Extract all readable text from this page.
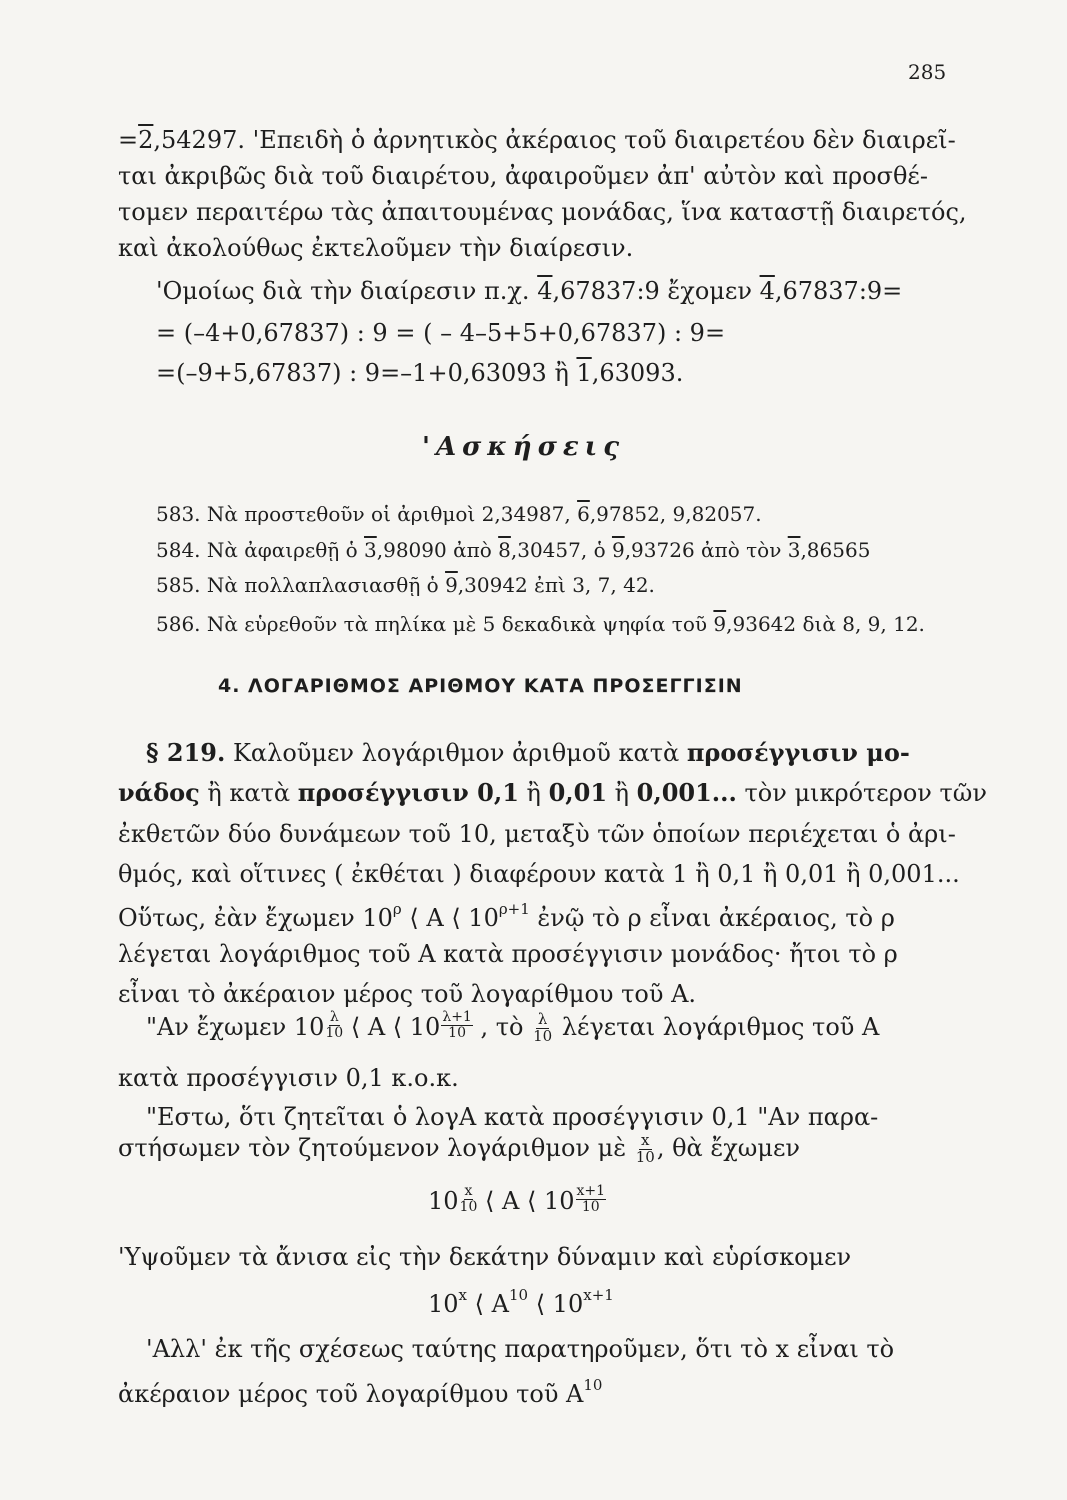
285
=2,54297. 'Επειδὴ ὁ ἀρνητικὸς ἀκέραιος τοῦ διαιρετέου δὲν διαιρεῖ-
ται ἀκριβῶς διὰ τοῦ διαιρέτου, ἀφαιροῦμεν ἀπ' αὐτὸν καὶ προσθέ-
τομεν περαιτέρω τὰς ἀπαιτουμένας μονάδας, ἵνα καταστῇ διαιρετός,
καὶ ἀκολούθως ἐκτελοῦμεν τὴν διαίρεσιν.
'Ομοίως διὰ τὴν διαίρεσιν π.χ. 4,67837:9 ἔχομεν 4,67837:9=
= (–4+0,67837) : 9 = ( – 4–5+5+0,67837) : 9=
=(–9+5,67837) : 9=–1+0,63093 ἢ 1,63093.
'Ασκήσεις
583. Νὰ προστεθοῦν οἱ ἀριθμοὶ 2,34987, 6,97852, 9,82057.
584. Νὰ ἀφαιρεθῇ ὁ 3,98090 ἀπὸ 8,30457, ὁ 9,93726 ἀπὸ τὸν 3,86565
585. Νὰ πολλαπλασιασθῇ ὁ 9,30942 ἐπὶ 3, 7, 42.
586. Νὰ εὑρεθοῦν τὰ πηλίκα μὲ 5 δεκαδικὰ ψηφία τοῦ 9,93642 διὰ 8, 9, 12.
4. ΛΟΓΑΡΙΘΜΟΣ ΑΡΙΘΜΟΥ ΚΑΤΑ ΠΡΟΣΕΓΓΙΣΙΝ
§ 219. Καλοῦμεν λογάριθμον ἀριθμοῦ κατὰ προσέγγισιν μο-
νάδος ἢ κατὰ προσέγγισιν 0,1 ἢ 0,01 ἢ 0,001... τὸν μικρότερον τῶν
ἐκθετῶν δύο δυνάμεων τοῦ 10, μεταξὺ τῶν ὁποίων περιέχεται ὁ ἀρι-
θμός, καὶ οἵτινες ( ἐκθέται ) διαφέρουν κατὰ 1 ἢ 0,1 ἢ 0,01 ἢ 0,001...
Οὕτως, ἐὰν ἔχωμεν $10^\rho$ ⟨ A ⟨ $10^{\rho+1}$ ἐνῷ τὸ ρ εἶναι ἀκέραιος, τὸ ρ
λέγεται λογάριθμος τοῦ A κατὰ προσέγγισιν μονάδος· ἤτοι τὸ ρ
εἶναι τὸ ἀκέραιον μέρος τοῦ λογαρίθμου τοῦ A.
"Αν ἔχωμεν $10 \frac{\lambda}{10}$ ⟨ A ⟨ $10 \frac{\lambda+1}{10}$ , τὸ $\frac{\lambda}{10}$ λέγεται λογάριθμος τοῦ A
κατὰ προσέγγισιν 0,1 κ.ο.κ.
"Εστω, ὅτι ζητεῖται ὁ λογA κατὰ προσέγγισιν 0,1 "Αν παρα-
στήσωμεν τὸν ζητούμενον λογάριθμον μὲ $\frac{x}{10}$ , θὰ ἔχωμεν
$10 \frac{x}{10}$ ⟨ A ⟨ $10 \frac{x+1}{10}$
'Υψοῦμεν τὰ ἄνισα εἰς τὴν δεκάτην δύναμιν καὶ εὑρίσκομεν
10$^x$ ⟨ $A^{10}$ ⟨ $10^{x+1}$
'Αλλ' ἐκ τῆς σχέσεως ταύτης παρατηροῦμεν, ὅτι τὸ x εἶναι τὸ
ἀκέραιον μέρος τοῦ λογαρίθμου τοῦ $A^{10}$
